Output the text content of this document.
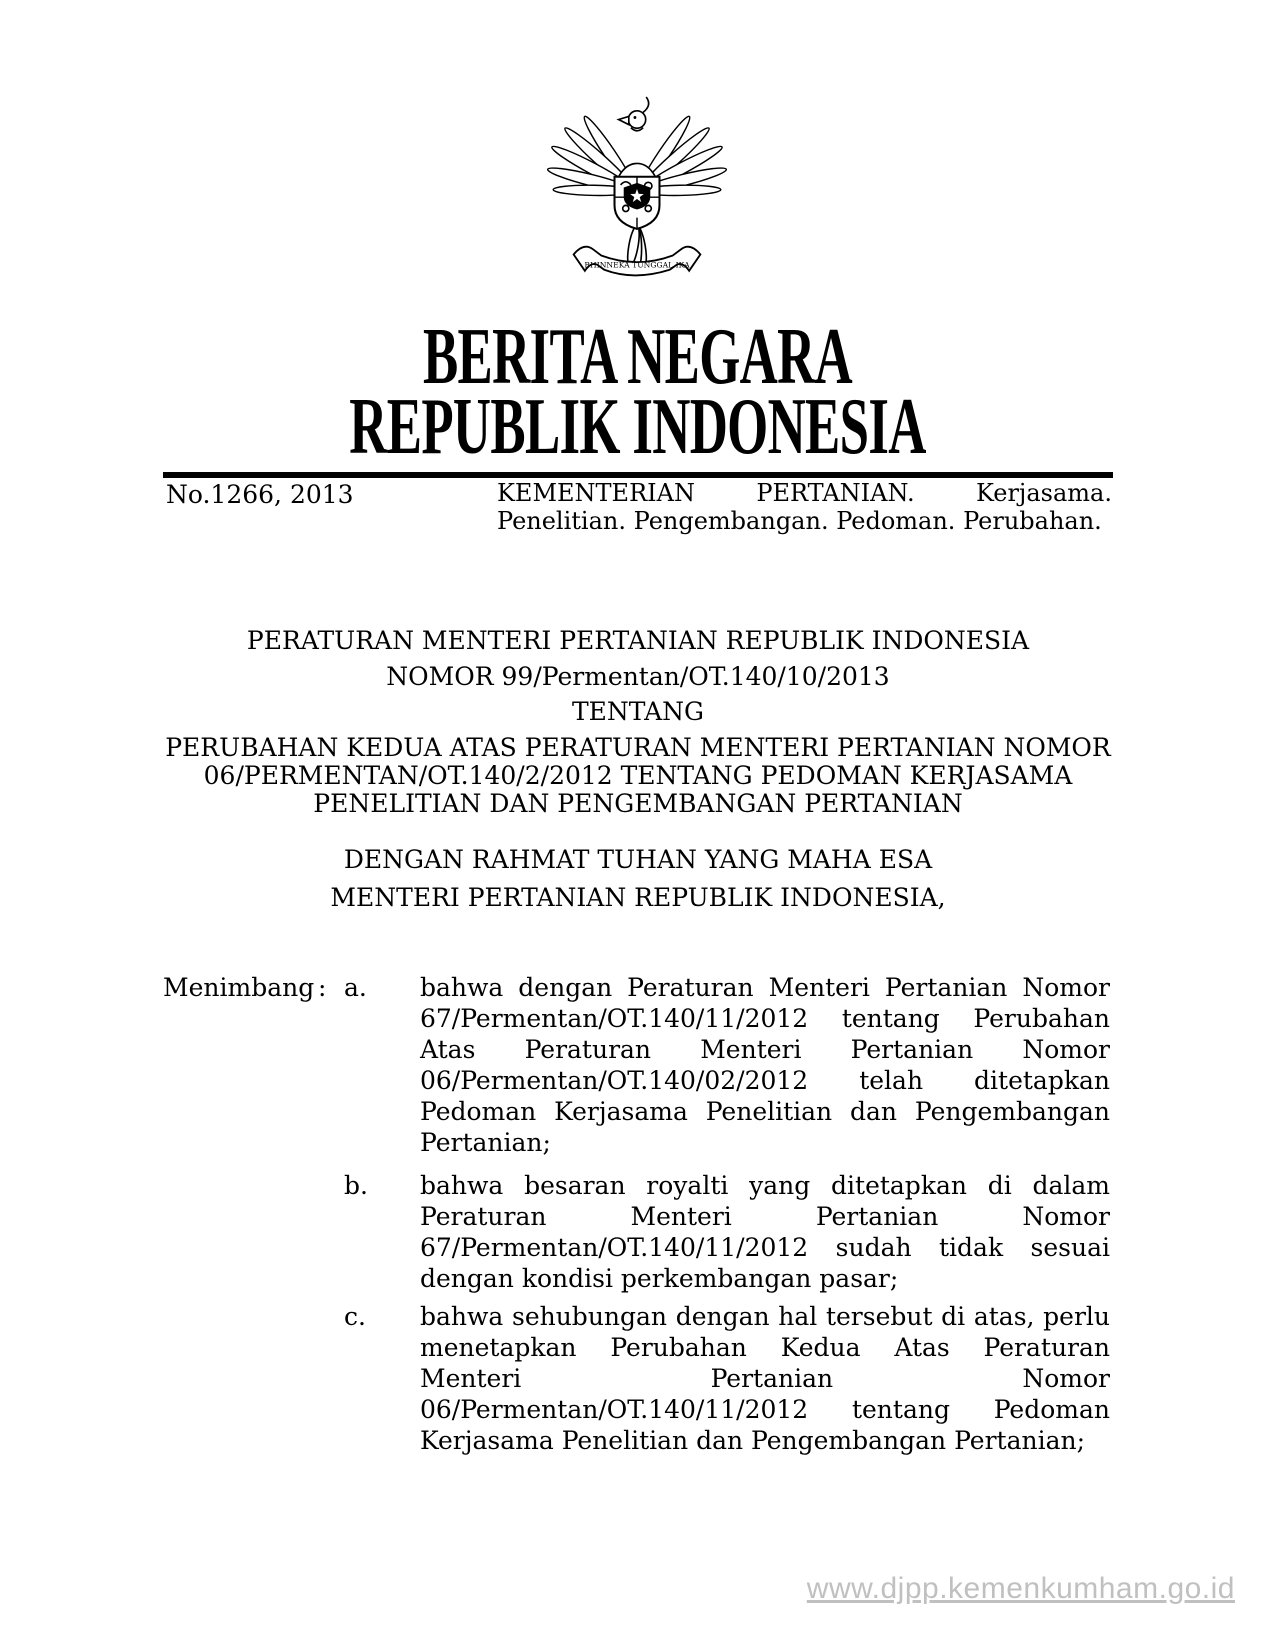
BHINNEKA TUNGGAL IKA
BERITA NEGARA
REPUBLIK INDONESIA
No.1266, 2013	KEMENTERIAN PERTANIAN. Kerjasama. Penelitian. Pengembangan. Pedoman. Perubahan.
PERATURAN MENTERI PERTANIAN REPUBLIK INDONESIA
NOMOR 99/Permentan/OT.140/10/2013
TENTANG
PERUBAHAN KEDUA ATAS PERATURAN MENTERI PERTANIAN NOMOR
06/PERMENTAN/OT.140/2/2012 TENTANG PEDOMAN KERJASAMA
PENELITIAN DAN PENGEMBANGAN PERTANIAN
DENGAN RAHMAT TUHAN YANG MAHA ESA
MENTERI PERTANIAN REPUBLIK INDONESIA,
Menimbang : a.	bahwa dengan Peraturan Menteri Pertanian Nomor 67/Permentan/OT.140/11/2012 tentang Perubahan Atas Peraturan Menteri Pertanian Nomor 06/Permentan/OT.140/02/2012 telah ditetapkan Pedoman Kerjasama Penelitian dan Pengembangan Pertanian;
b.	bahwa besaran royalti yang ditetapkan di dalam Peraturan Menteri Pertanian Nomor 67/Permentan/OT.140/11/2012 sudah tidak sesuai dengan kondisi perkembangan pasar;
c.	bahwa sehubungan dengan hal tersebut di atas, perlu menetapkan Perubahan Kedua Atas Peraturan Menteri Pertanian Nomor 06/Permentan/OT.140/11/2012 tentang Pedoman Kerjasama Penelitian dan Pengembangan Pertanian;
www.djpp.kemenkumham.go.id
